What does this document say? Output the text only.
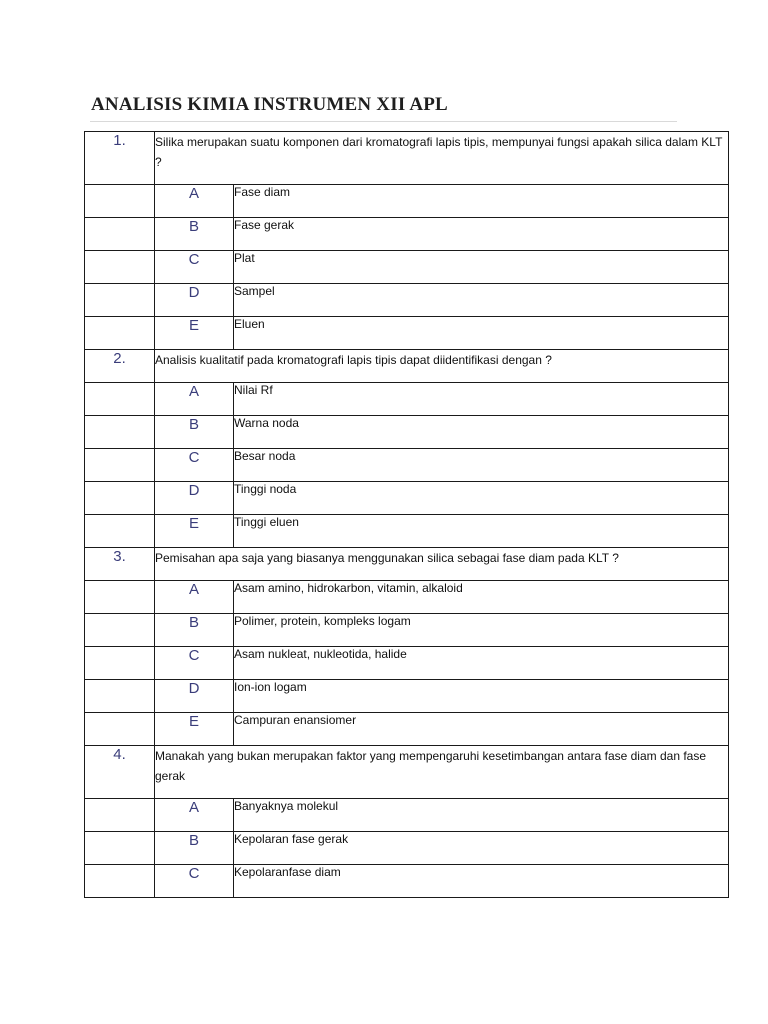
ANALISIS KIMIA INSTRUMEN XII APL
1.	Silika merupakan suatu komponen dari kromatografi lapis tipis, mempunyai fungsi apakah silica dalam KLT ?	
	A	Fase diam
	B	Fase gerak
	C	Plat
	D	Sampel
	E	Eluen
2.	Analisis kualitatif pada kromatografi lapis tipis dapat diidentifikasi dengan ?	
	A	Nilai Rf
	B	Warna noda
	C	Besar noda
	D	Tinggi noda
	E	Tinggi eluen
3.	Pemisahan apa saja yang biasanya menggunakan silica sebagai fase diam pada KLT ?	
	A	Asam amino, hidrokarbon, vitamin, alkaloid
	B	Polimer, protein, kompleks logam
	C	Asam nukleat, nukleotida, halide
	D	Ion-ion logam
	E	Campuran enansiomer
4.	Manakah yang bukan merupakan faktor yang mempengaruhi kesetimbangan antara fase diam dan fase gerak	
	A	Banyaknya molekul
	B	Kepolaran fase gerak
	C	Kepolaranfase diam
